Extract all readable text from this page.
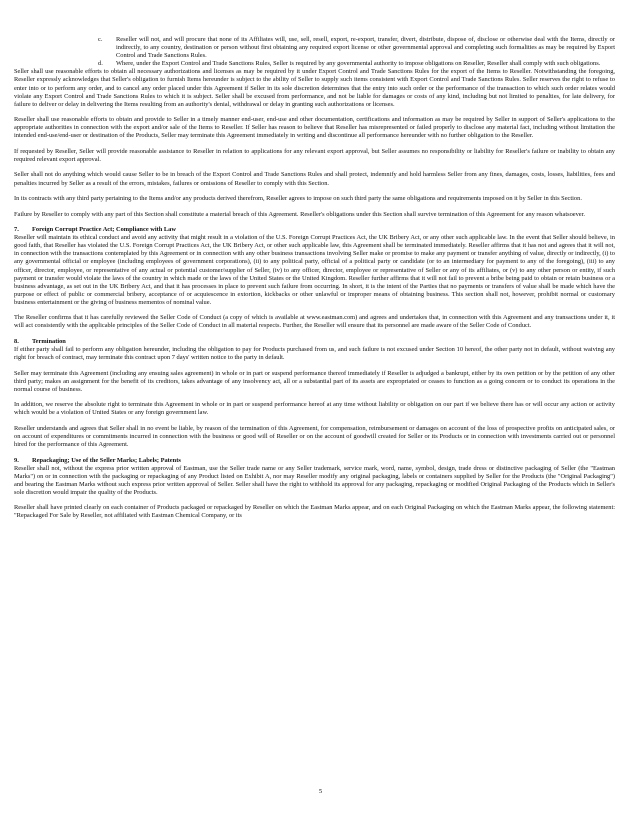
c.	Reseller will not, and will procure that none of its Affiliates will, use, sell, resell, export, re-export, transfer, divert, distribute, dispose of, disclose or otherwise deal with the Items, directly or indirectly, to any country, destination or person without first obtaining any required export license or other governmental approval and completing such formalities as may be required by Export Control and Trade Sanctions Rules.
d.	Where, under the Export Control and Trade Sanctions Rules, Seller is required by any governmental authority to impose obligations on Reseller, Reseller shall comply with such obligations.

Seller shall use reasonable efforts to obtain all necessary authorizations and licenses as may be required by it under Export Control and Trade Sanctions Rules for the export of the Items to Reseller. Notwithstanding the foregoing, Reseller expressly acknowledges that Seller's obligation to furnish Items hereunder is subject to the ability of Seller to supply such items consistent with Export Control and Trade Sanctions Rules. Seller reserves the right to refuse to enter into or to perform any order, and to cancel any order placed under this Agreement if Seller in its sole discretion determines that the entry into such order or the performance of the transaction to which such order relates would violate any Export Control and Trade Sanctions Rules to which it is subject. Seller shall be excused from performance, and not be liable for damages or costs of any kind, including but not limited to penalties, for late delivery, for failure to deliver or delay in delivering the Items resulting from an authority's denial, withdrawal or delay in granting such authorizations or licenses.

Reseller shall use reasonable efforts to obtain and provide to Seller in a timely manner end-user, end-use and other documentation, certifications and information as may be required by Seller in support of Seller's applications to the appropriate authorities in connection with the export and/or sale of the Items to Reseller. If Seller has reason to believe that Reseller has misrepresented or failed properly to disclose any material fact, including without limitation the intended end-use/end-user or destination of the Products, Seller may terminate this Agreement immediately in writing and discontinue all performance hereunder with no further obligation to the Reseller.

If requested by Reseller, Seller will provide reasonable assistance to Reseller in relation to applications for any relevant export approval, but Seller assumes no responsibility or liability for Reseller's failure or inability to obtain any required relevant export approval.

Seller shall not do anything which would cause Seller to be in breach of the Export Control and Trade Sanctions Rules and shall protect, indemnify and hold harmless Seller from any fines, damages, costs, losses, liabilities, fees and penalties incurred by Seller as a result of the errors, mistakes, failures or omissions of Reseller to comply with this Section.

In its contracts with any third party pertaining to the Items and/or any products derived therefrom, Reseller agrees to impose on such third party the same obligations and requirements imposed on it by Seller in this Section.

Failure by Reseller to comply with any part of this Section shall constitute a material breach of this Agreement. Reseller's obligations under this Section shall survive termination of this Agreement for any reason whatsoever.

7. Foreign Corrupt Practice Act; Compliance with Law

Reseller will maintain its ethical conduct and avoid any activity that might result in a violation of the U.S. Foreign Corrupt Practices Act, the UK Bribery Act, or any other such applicable law. In the event that Seller should believe, in good faith, that Reseller has violated the U.S. Foreign Corrupt Practices Act, the UK Bribery Act, or other such applicable law, this Agreement shall be terminated immediately. Reseller affirms that it has not and agrees that it will not, in connection with the transactions contemplated by this Agreement or in connection with any other business transactions involving Seller make or promise to make any payment or transfer anything of value, directly or indirectly, (i) to any governmental official or employee (including employees of government corporations), (ii) to any political party, official of a political party or candidate (or to an intermediary for payment to any of the foregoing), (iii) to any officer, director, employee, or representative of any actual or potential customer/supplier of Seller, (iv) to any officer, director, employee or representative of Seller or any of its affiliates, or (v) to any other person or entity, if such payment or transfer would violate the laws of the country in which made or the laws of the United States or the United Kingdom. Reseller further affirms that it will not fail to prevent a bribe being paid to obtain or retain business or a business advantage, as set out in the UK Bribery Act, and that it has processes in place to prevent such failure from occurring. In short, it is the intent of the Parties that no payments or transfers of value shall be made which have the purpose or effect of public or commercial bribery, acceptance of or acquiescence in extortion, kickbacks or other unlawful or improper means of obtaining business. This section shall not, however, prohibit normal or customary business entertainment or the giving of business mementos of nominal value.

The Reseller confirms that it has carefully reviewed the Seller Code of Conduct (a copy of which is available at www.eastman.com) and agrees and undertakes that, in connection with this Agreement and any transactions under it, it will act consistently with the applicable principles of the Seller Code of Conduct in all material respects. Further, the Reseller will ensure that its personnel are made aware of the Seller Code of Conduct.

8. Termination

If either party shall fail to perform any obligation hereunder, including the obligation to pay for Products purchased from us, and such failure is not excused under Section 10 hereof, the other party not in default, without waiving any right for breach of contract, may terminate this contract upon 7 days' written notice to the party in default.

Seller may terminate this Agreement (including any ensuing sales agreement) in whole or in part or suspend performance thereof immediately if Reseller is adjudged a bankrupt, either by its own petition or by the petition of any other third party; makes an assignment for the benefit of its creditors, takes advantage of any insolvency act, all or a substantial part of its assets are expropriated or ceases to function as a going concern or to conduct its operations in the normal course of business.

In addition, we reserve the absolute right to terminate this Agreement in whole or in part or suspend performance hereof at any time without liability or obligation on our part if we believe there has or will occur any action or activity which would be a violation of United States or any foreign government law.

Reseller understands and agrees that Seller shall in no event be liable, by reason of the termination of this Agreement, for compensation, reimbursement or damages on account of the loss of prospective profits on anticipated sales, or on account of expenditures or commitments incurred in connection with the business or good will of Reseller or on the account of goodwill created for Seller or its Products or in connection with investments carried out or personnel hired for the performance of this Agreement.

9. Repackaging; Use of the Seller Marks; Labels; Patents

Reseller shall not, without the express prior written approval of Eastman, use the Seller trade name or any Seller trademark, service mark, word, name, symbol, design, trade dress or distinctive packaging of Seller (the "Eastman Marks") on or in connection with the packaging or repackaging of any Product listed on Exhibit A, nor may Reseller modify any original packaging, labels or containers supplied by Seller for the Products (the "Original Packaging") and bearing the Eastman Marks without such express prior written approval of Seller. Seller shall have the right to withhold its approval for any packaging, repackaging or modified Original Packaging of the Products which in Seller's sole discretion would impair the quality of the Products.

Reseller shall have printed clearly on each container of Products packaged or repackaged by Reseller on which the Eastman Marks appear, and on each Original Packaging on which the Eastman Marks appear, the following statement: "Repackaged For Sale by Reseller, not affiliated with Eastman Chemical Company, or its

5
